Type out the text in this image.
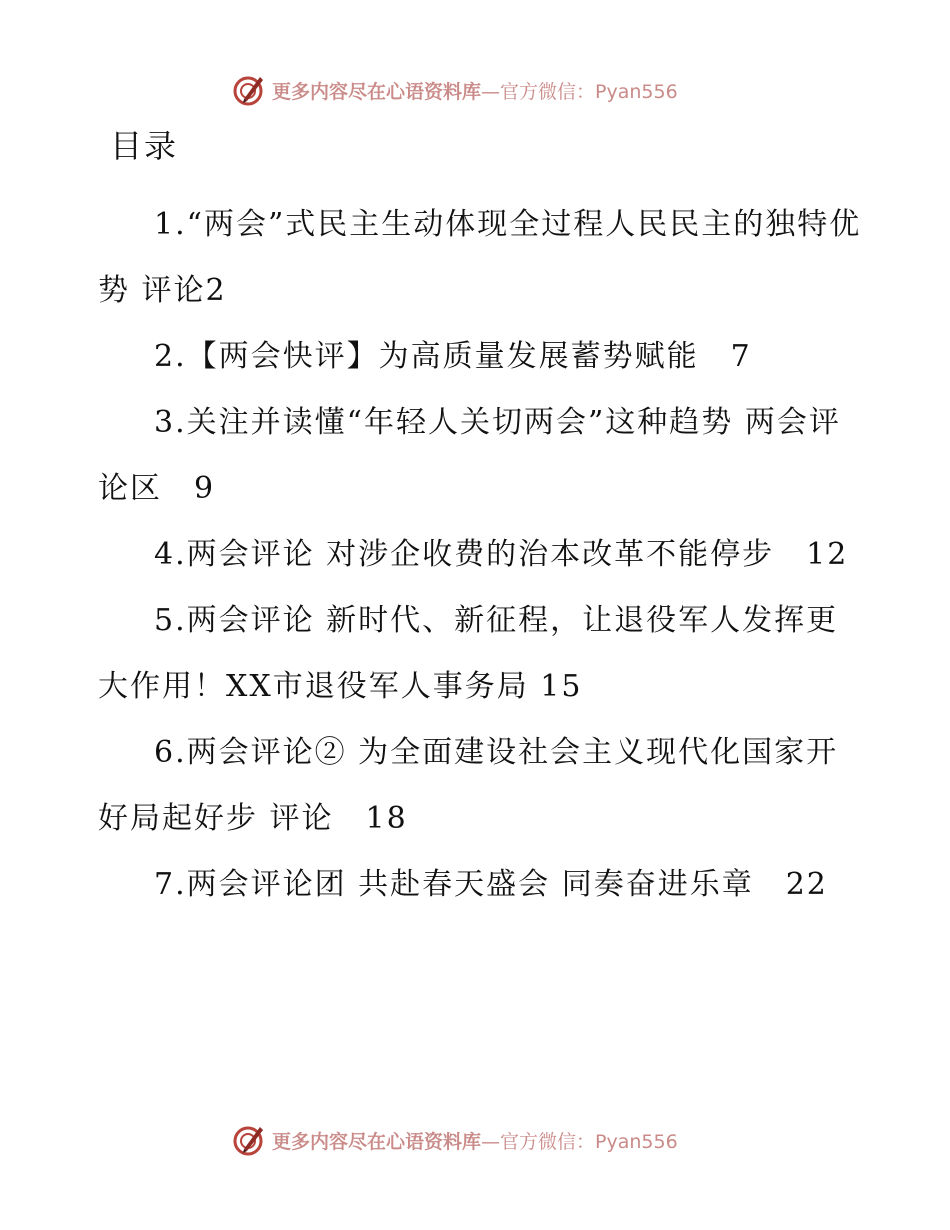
更多内容尽在心语资料库 —官方微信：Pyan556
目录
1.“两会”式民主生动体现全过程人民民主的独特优势 评论2
2.【两会快评】为高质量发展蓄势赋能　7
3.关注并读懂“年轻人关切两会”这种趋势 两会评论区　9
4.两会评论 对涉企收费的治本改革不能停步　12
5.两会评论 新时代、新征程，让退役军人发挥更大作用！XX市退役军人事务局 15
6.两会评论② 为全面建设社会主义现代化国家开好局起好步 评论　18
7.两会评论团 共赴春天盛会 同奏奋进乐章　22
更多内容尽在心语资料库 —官方微信：Pyan556
